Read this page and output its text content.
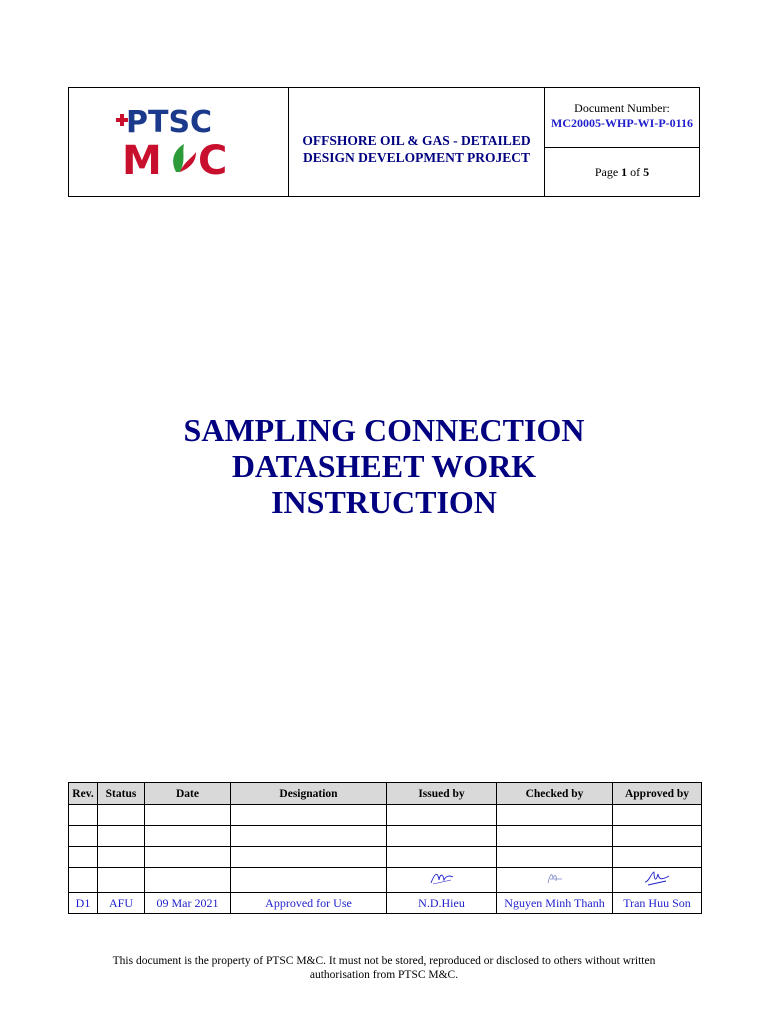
PTSC
M C	OFFSHORE OIL & GAS - DETAILED
DESIGN DEVELOPMENT PROJECT
Document Number:
MC20005-WHP-WI-P-0116
Page
1
of
5
SAMPLING CONNECTION
DATASHEET WORK
INSTRUCTION
Rev.	Status	Date	Designation	Issued by	Checked by	Approved by

D1	AFU	09 Mar 2021	Approved for Use	N.D.Hieu	Nguyen Minh Thanh	Tran Huu Son
This document is the property of PTSC M&C. It must not be stored, reproduced or disclosed to others without written
authorisation from PTSC M&C.
